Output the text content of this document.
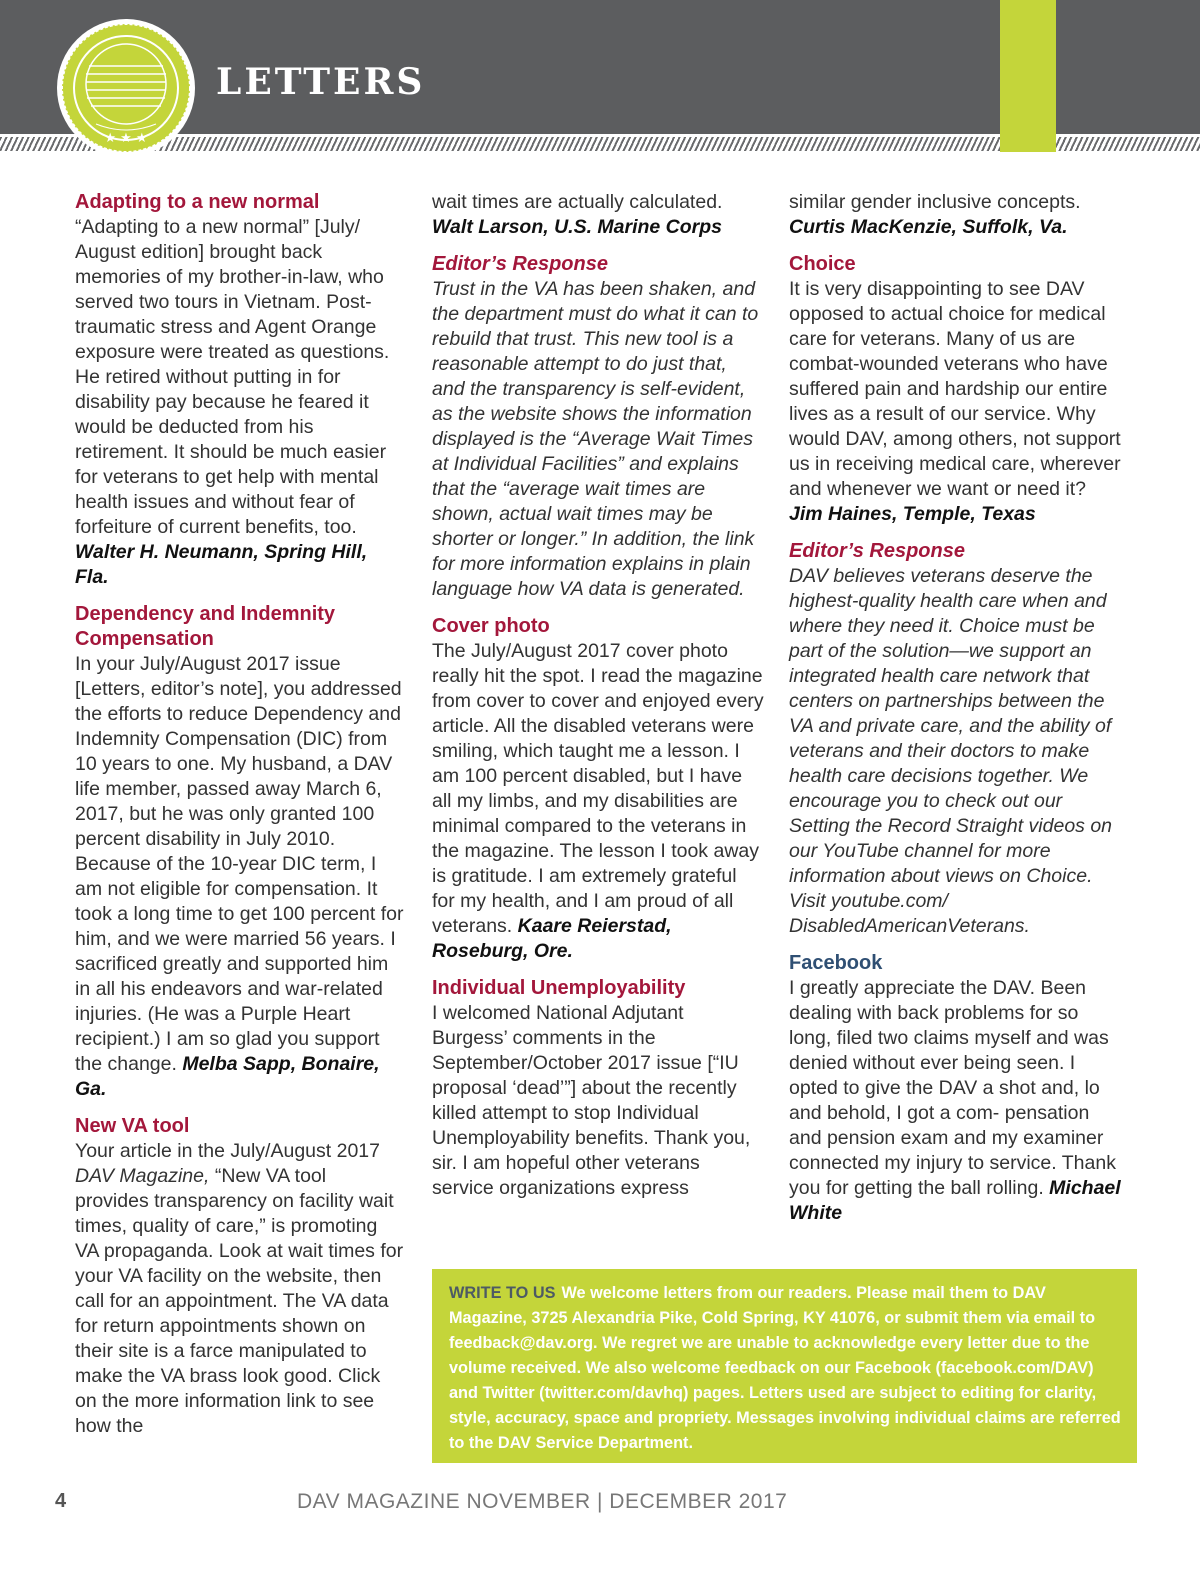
★ ★ ★
LETTERS
Adapting to a new normal

“Adapting to a new normal” [July/ August edition] brought back memories of my brother-in-law, who served two tours in Vietnam. Post-traumatic stress and Agent Orange exposure were treated as questions. He retired without putting in for disability pay because he feared it would be deducted from his retirement. It should be much easier for veterans to get help with mental health issues and without fear of forfeiture of current benefits, too. Walter H. Neumann, Spring Hill, Fla.

Dependency and Indemnity Compensation

In your July/August 2017 issue [Letters, editor’s note], you addressed the efforts to reduce Dependency and Indemnity Compensation (DIC) from 10 years to one. My husband, a DAV life member, passed away March 6, 2017, but he was only granted 100 percent disability in July 2010. Because of the 10-year DIC term, I am not eligible for compensation. It took a long time to get 100 percent for him, and we were married 56 years. I sacrificed greatly and supported him in all his endeavors and war-related injuries. (He was a Purple Heart recipient.) I am so glad you support the change. Melba Sapp, Bonaire, Ga.

New VA tool

Your article in the July/August 2017 DAV Magazine, “New VA tool provides transparency on facility wait times, quality of care,” is promoting VA propaganda. Look at wait times for your VA facility on the website, then call for an appointment. The VA data for return appointments shown on their site is a farce manipulated to make the VA brass look good. Click on the more information link to see how the

wait times are actually calculated.
Walt Larson, U.S. Marine Corps

Editor’s Response

Trust in the VA has been shaken, and the department must do what it can to rebuild that trust. This new tool is a reasonable attempt to do just that, and the transparency is self-evident, as the website shows the information displayed is the “Average Wait Times at Individual Facilities” and explains that the “average wait times are shown, actual wait times may be shorter or longer.” In addition, the link for more information explains in plain language how VA data is generated.

Cover photo

The July/August 2017 cover photo really hit the spot. I read the magazine from cover to cover and enjoyed every article. All the disabled veterans were smiling, which taught me a lesson. I am 100 percent disabled, but I have all my limbs, and my disabilities are minimal compared to the veterans in the magazine. The lesson I took away is gratitude. I am extremely grateful for my health, and I am proud of all veterans. Kaare Reierstad, Roseburg, Ore.

Individual Unemployability

I welcomed National Adjutant Burgess’ comments in the September/October 2017 issue [“IU proposal ‘dead’”] about the recently killed attempt to stop Individual Unemployability benefits. Thank you, sir. I am hopeful other veterans service organizations express

similar gender inclusive concepts.
Curtis MacKenzie, Suffolk, Va.

Choice

It is very disappointing to see DAV opposed to actual choice for medical care for veterans. Many of us are combat-wounded veterans who have suffered pain and hardship our entire lives as a result of our service. Why would DAV, among others, not support us in receiving medical care, wherever and whenever we want or need it? Jim Haines, Temple, Texas

Editor’s Response

DAV believes veterans deserve the highest-quality health care when and where they need it. Choice must be part of the solution—we support an integrated health care network that centers on partnerships between the VA and private care, and the ability of veterans and their doctors to make health care decisions together. We encourage you to check out our Setting the Record Straight videos on our YouTube channel for more information about views on Choice. Visit youtube.com/ DisabledAmericanVeterans.

Facebook

I greatly appreciate the DAV. Been dealing with back problems for so long, filed two claims myself and was denied without ever being seen. I opted to give the DAV a shot and, lo and behold, I got a com- pensation and pension exam and my examiner connected my injury to service. Thank you for getting the ball rolling. Michael White

WRITE TO US We welcome letters from our readers. Please mail them to DAV Magazine, 3725 Alexandria Pike, Cold Spring, KY 41076, or submit them via email to feedback@dav.org. We regret we are unable to acknowledge every letter due to the volume received. We also welcome feedback on our Facebook (facebook.com/DAV) and Twitter (twitter.com/davhq) pages. Letters used are subject to editing for clarity, style, accuracy, space and propriety. Messages involving individual claims are referred to the DAV Service Department.

4	DAV MAGAZINE NOVEMBER | DECEMBER 2017
